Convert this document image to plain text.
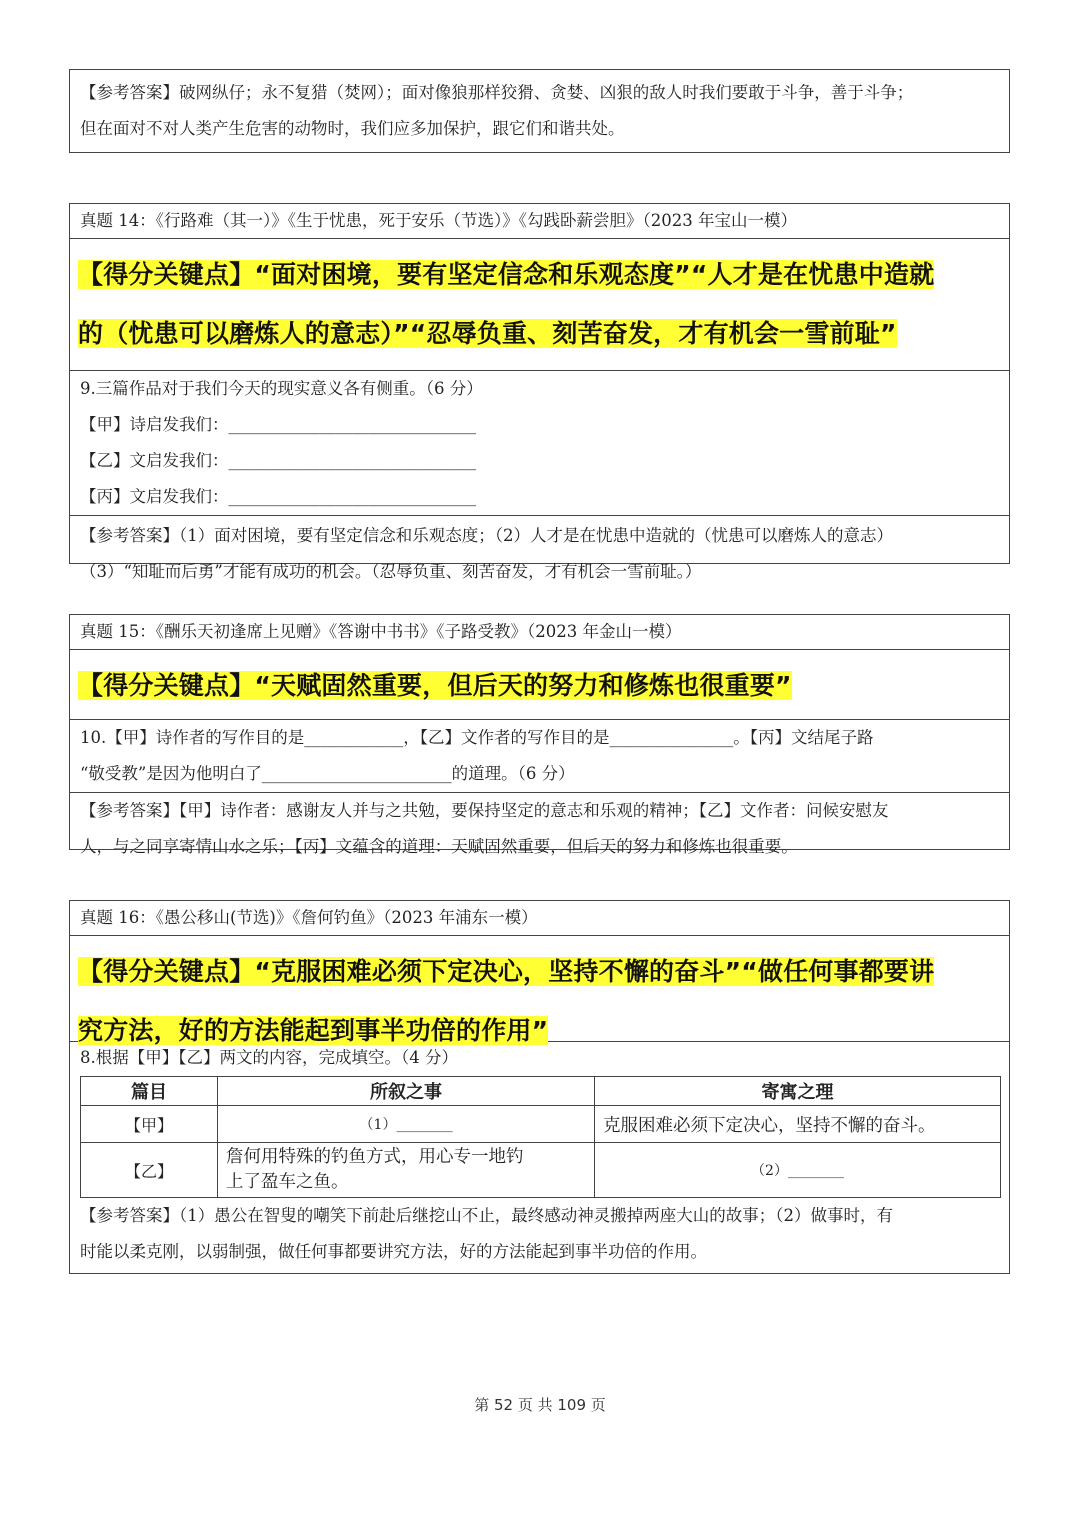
【参考答案】破网纵仔；永不复猎（焚网）；面对像狼那样狡猾、贪婪、凶狠的敌人时我们要敢于斗争，善于斗争；
但在面对不对人类产生危害的动物时，我们应多加保护，跟它们和谐共处。
真题 14：《行路难（其一）》《生于忧患，死于安乐（节选）》《勾践卧薪尝胆》（2023 年宝山一模）
【得分关键点】“面对困境，要有坚定信念和乐观态度”“人才是在忧患中造就
的（忧患可以磨炼人的意志）”“忍辱负重、刻苦奋发，才有机会一雪前耻”
9.三篇作品对于我们今天的现实意义各有侧重。（6 分）
【甲】诗启发我们：______________________________
【乙】文启发我们：______________________________
【丙】文启发我们：______________________________
【参考答案】（1）面对困境，要有坚定信念和乐观态度；（2）人才是在忧患中造就的（忧患可以磨炼人的意志）
（3）“知耻而后勇”才能有成功的机会。（忍辱负重、刻苦奋发，才有机会一雪前耻。）
真题 15：《酬乐天初逢席上见赠》《答谢中书书》《子路受教》（2023 年金山一模）
【得分关键点】“天赋固然重要，但后天的努力和修炼也很重要”
10.【甲】诗作者的写作目的是____________，【乙】文作者的写作目的是_______________。【丙】文结尾子路
“敬受教”是因为他明白了_______________________的道理。（6 分）
【参考答案】【甲】诗作者：感谢友人并与之共勉，要保持坚定的意志和乐观的精神；【乙】文作者：问候安慰友
人，与之同享寄情山水之乐；【丙】文蕴含的道理：天赋固然重要，但后天的努力和修炼也很重要。
真题 16：《愚公移山(节选)》《詹何钓鱼》（2023 年浦东一模）
【得分关键点】“克服困难必须下定决心，坚持不懈的奋斗”“做任何事都要讲
究方法，好的方法能起到事半功倍的作用”
8.根据【甲】【乙】两文的内容，完成填空。（4 分）
篇目	所叙之事	寄寓之理
【甲】	（1）________	克服困难必须下定决心，坚持不懈的奋斗。
【乙】	詹何用特殊的钓鱼方式，用心专一地钓
上了盈车之鱼。	（2）________
【参考答案】（1）愚公在智叟的嘲笑下前赴后继挖山不止，最终感动神灵搬掉两座大山的故事；（2）做事时，有
时能以柔克刚，以弱制强，做任何事都要讲究方法，好的方法能起到事半功倍的作用。
第 52 页 共 109 页
